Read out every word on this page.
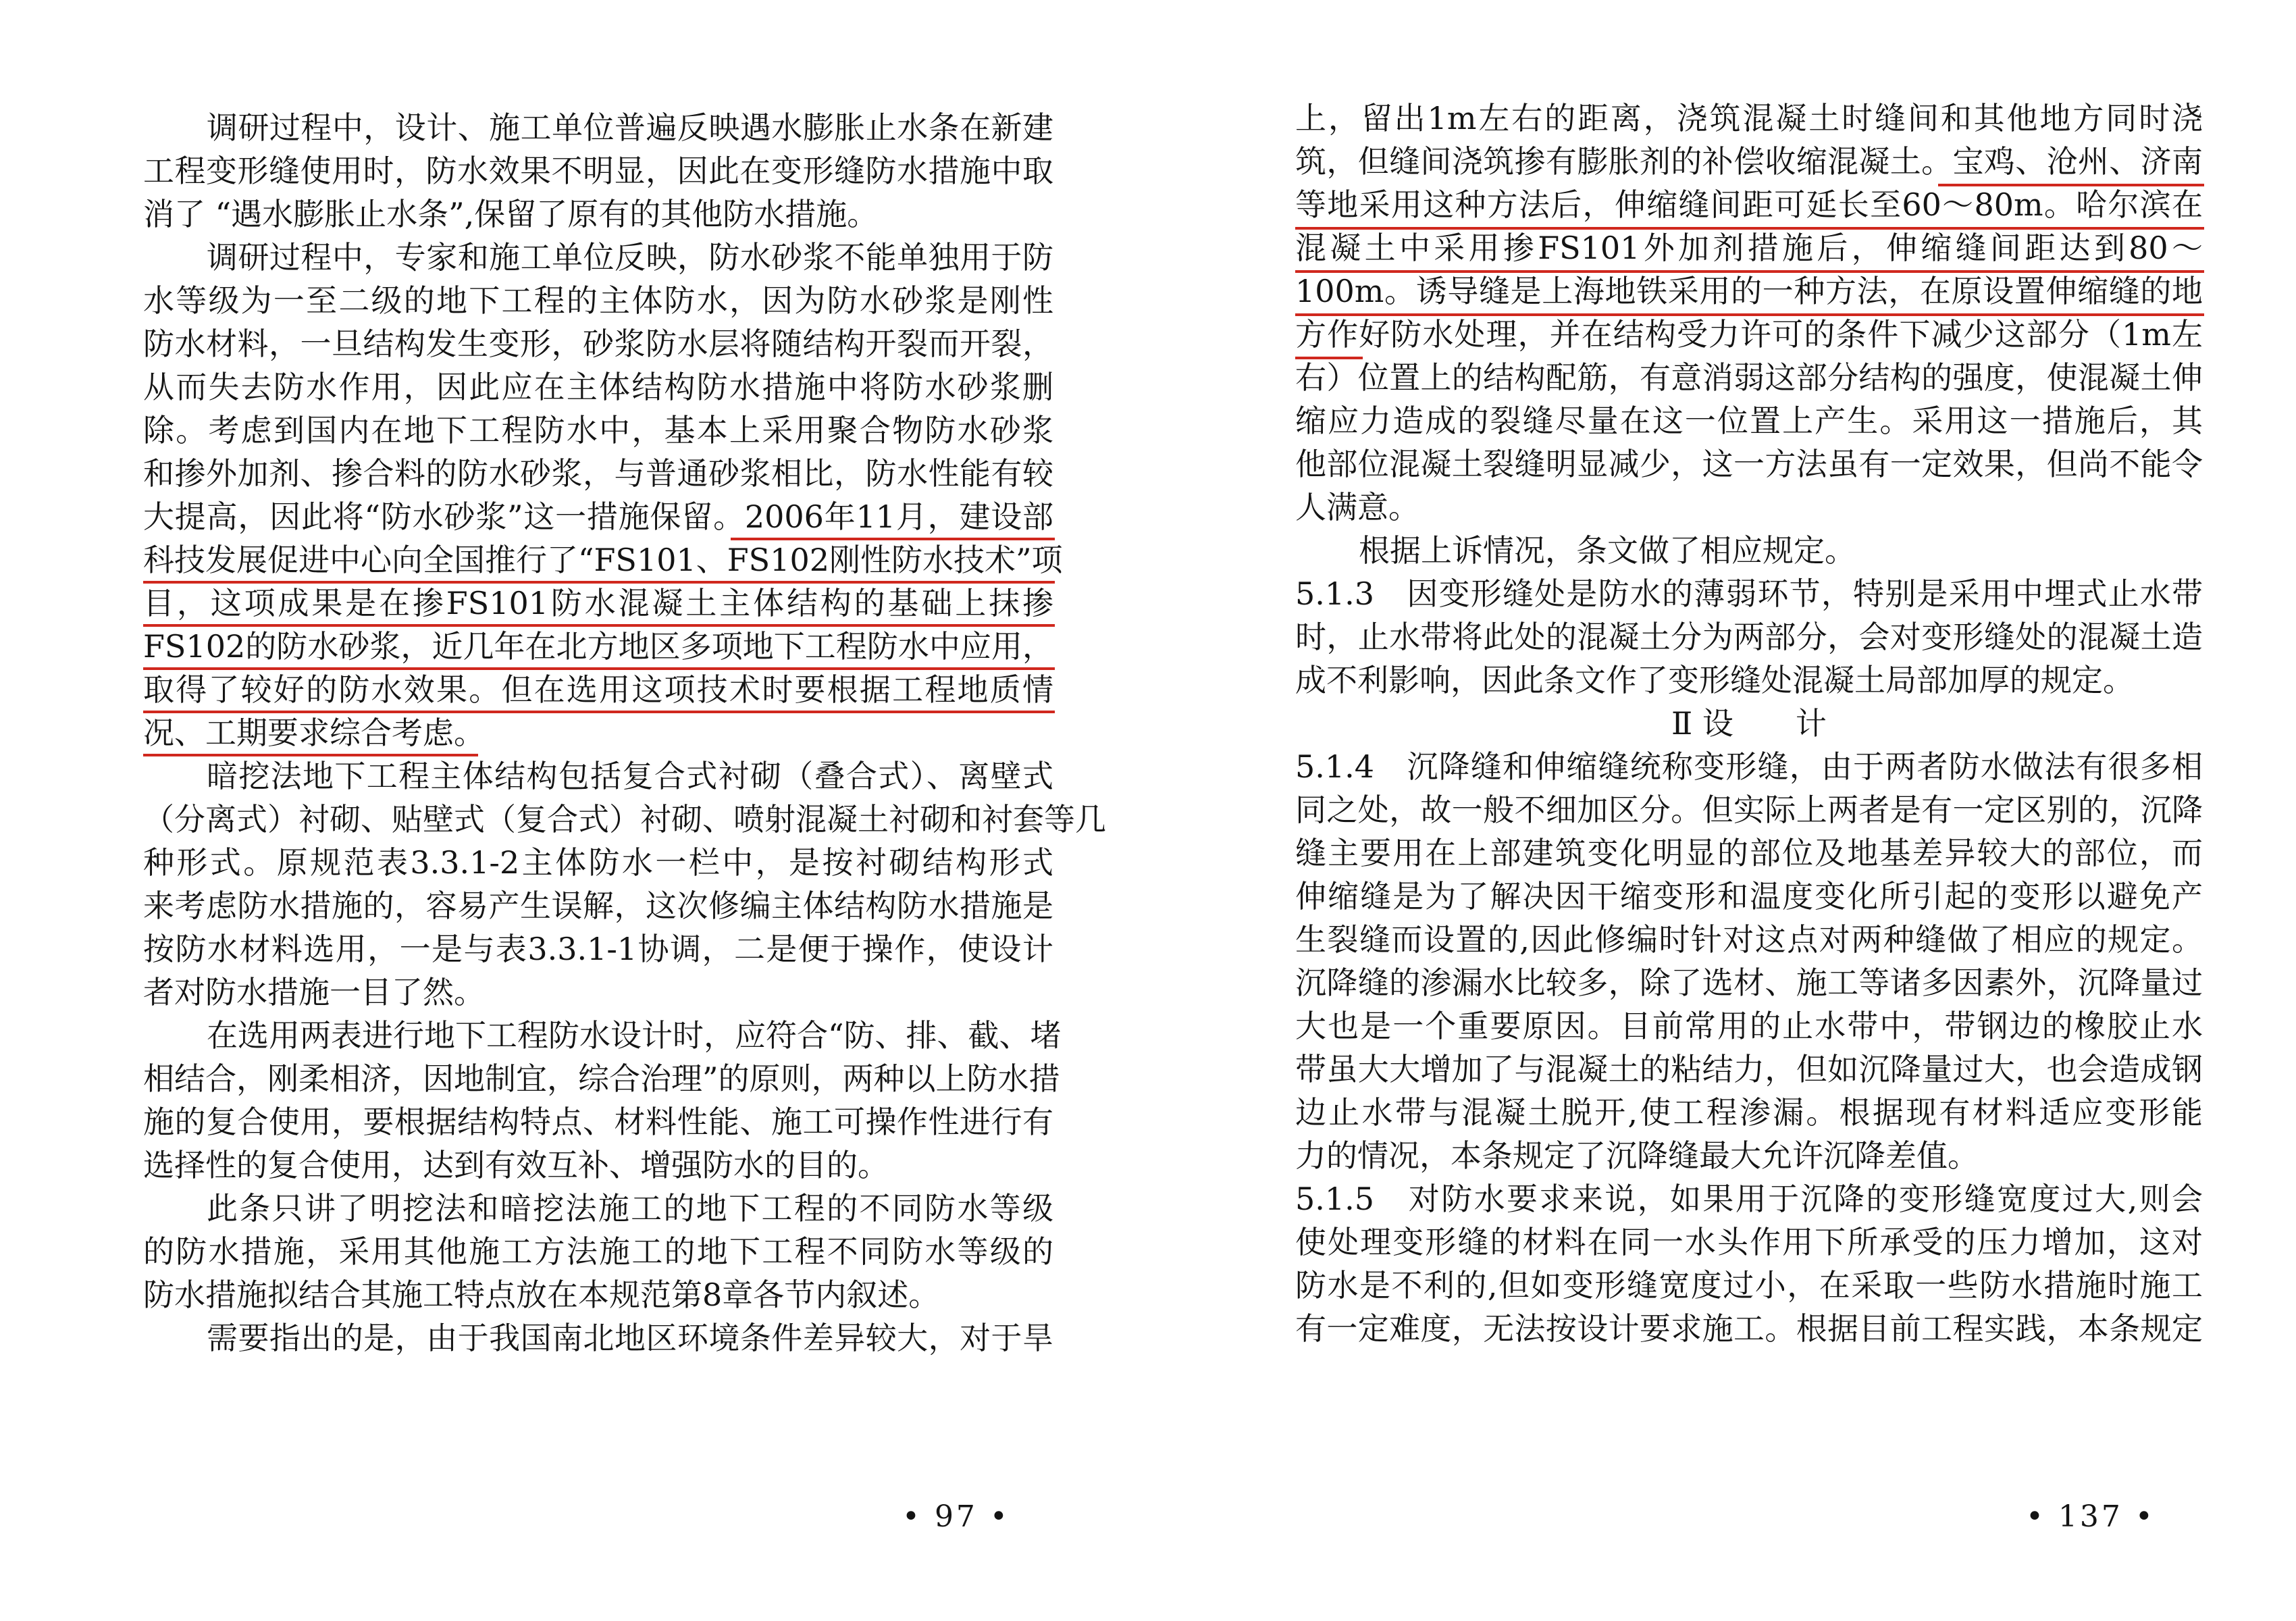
调研过程中，设计、施工单位普遍反映遇水膨胀止水条在新建
工程变形缝使用时，防水效果不明显，因此在变形缝防水措施中取
消了 “遇水膨胀止水条”,保留了原有的其他防水措施。
调研过程中，专家和施工单位反映，防水砂浆不能单独用于防
水等级为一至二级的地下工程的主体防水，因为防水砂浆是刚性
防水材料，一旦结构发生变形，砂浆防水层将随结构开裂而开裂，
从而失去防水作用，因此应在主体结构防水措施中将防水砂浆删
除。考虑到国内在地下工程防水中，基本上采用聚合物防水砂浆
和掺外加剂、掺合料的防水砂浆，与普通砂浆相比，防水性能有较
大提高，因此将“防水砂浆”这一措施保留。2006年11月，建设部
科技发展促进中心向全国推行了“FS101、FS102刚性防水技术”项
目，这项成果是在掺FS101防水混凝土主体结构的基础上抹掺
FS102的防水砂浆，近几年在北方地区多项地下工程防水中应用，
取得了较好的防水效果。但在选用这项技术时要根据工程地质情
况、工期要求综合考虑。
暗挖法地下工程主体结构包括复合式衬砌（叠合式）、离壁式
（分离式）衬砌、贴壁式（复合式）衬砌、喷射混凝土衬砌和衬套等几
种形式。原规范表3.3.1-2主体防水一栏中，是按衬砌结构形式
来考虑防水措施的，容易产生误解，这次修编主体结构防水措施是
按防水材料选用，一是与表3.3.1-1协调，二是便于操作，使设计
者对防水措施一目了然。
在选用两表进行地下工程防水设计时，应符合“防、排、截、堵
相结合，刚柔相济，因地制宜，综合治理”的原则，两种以上防水措
施的复合使用，要根据结构特点、材料性能、施工可操作性进行有
选择性的复合使用，达到有效互补、增强防水的目的。
此条只讲了明挖法和暗挖法施工的地下工程的不同防水等级
的防水措施，采用其他施工方法施工的地下工程不同防水等级的
防水措施拟结合其施工特点放在本规范第8章各节内叙述。
需要指出的是，由于我国南北地区环境条件差异较大，对于旱
• 97 •
上，留出1m左右的距离，浇筑混凝土时缝间和其他地方同时浇
筑，但缝间浇筑掺有膨胀剂的补偿收缩混凝土。宝鸡、沧州、济南
等地采用这种方法后，伸缩缝间距可延长至60～80m。哈尔滨在
混凝土中采用掺FS101外加剂措施后，伸缩缝间距达到80～
100m。诱导缝是上海地铁采用的一种方法，在原设置伸缩缝的地
方作好防水处理，并在结构受力许可的条件下减少这部分（1m左
右）位置上的结构配筋，有意消弱这部分结构的强度，使混凝土伸
缩应力造成的裂缝尽量在这一位置上产生。采用这一措施后，其
他部位混凝土裂缝明显减少，这一方法虽有一定效果，但尚不能令
人满意。
根据上诉情况，条文做了相应规定。
5.1.3　因变形缝处是防水的薄弱环节，特别是采用中埋式止水带
时，止水带将此处的混凝土分为两部分，会对变形缝处的混凝土造
成不利影响，因此条文作了变形缝处混凝土局部加厚的规定。
Ⅱ 设　　计
5.1.4　沉降缝和伸缩缝统称变形缝，由于两者防水做法有很多相
同之处，故一般不细加区分。但实际上两者是有一定区别的，沉降
缝主要用在上部建筑变化明显的部位及地基差异较大的部位，而
伸缩缝是为了解决因干缩变形和温度变化所引起的变形以避免产
生裂缝而设置的,因此修编时针对这点对两种缝做了相应的规定。
沉降缝的渗漏水比较多，除了选材、施工等诸多因素外，沉降量过
大也是一个重要原因。目前常用的止水带中，带钢边的橡胶止水
带虽大大增加了与混凝土的粘结力，但如沉降量过大，也会造成钢
边止水带与混凝土脱开,使工程渗漏。根据现有材料适应变形能
力的情况，本条规定了沉降缝最大允许沉降差值。
5.1.5　对防水要求来说，如果用于沉降的变形缝宽度过大,则会
使处理变形缝的材料在同一水头作用下所承受的压力增加，这对
防水是不利的,但如变形缝宽度过小，在采取一些防水措施时施工
有一定难度，无法按设计要求施工。根据目前工程实践，本条规定
• 137 •
